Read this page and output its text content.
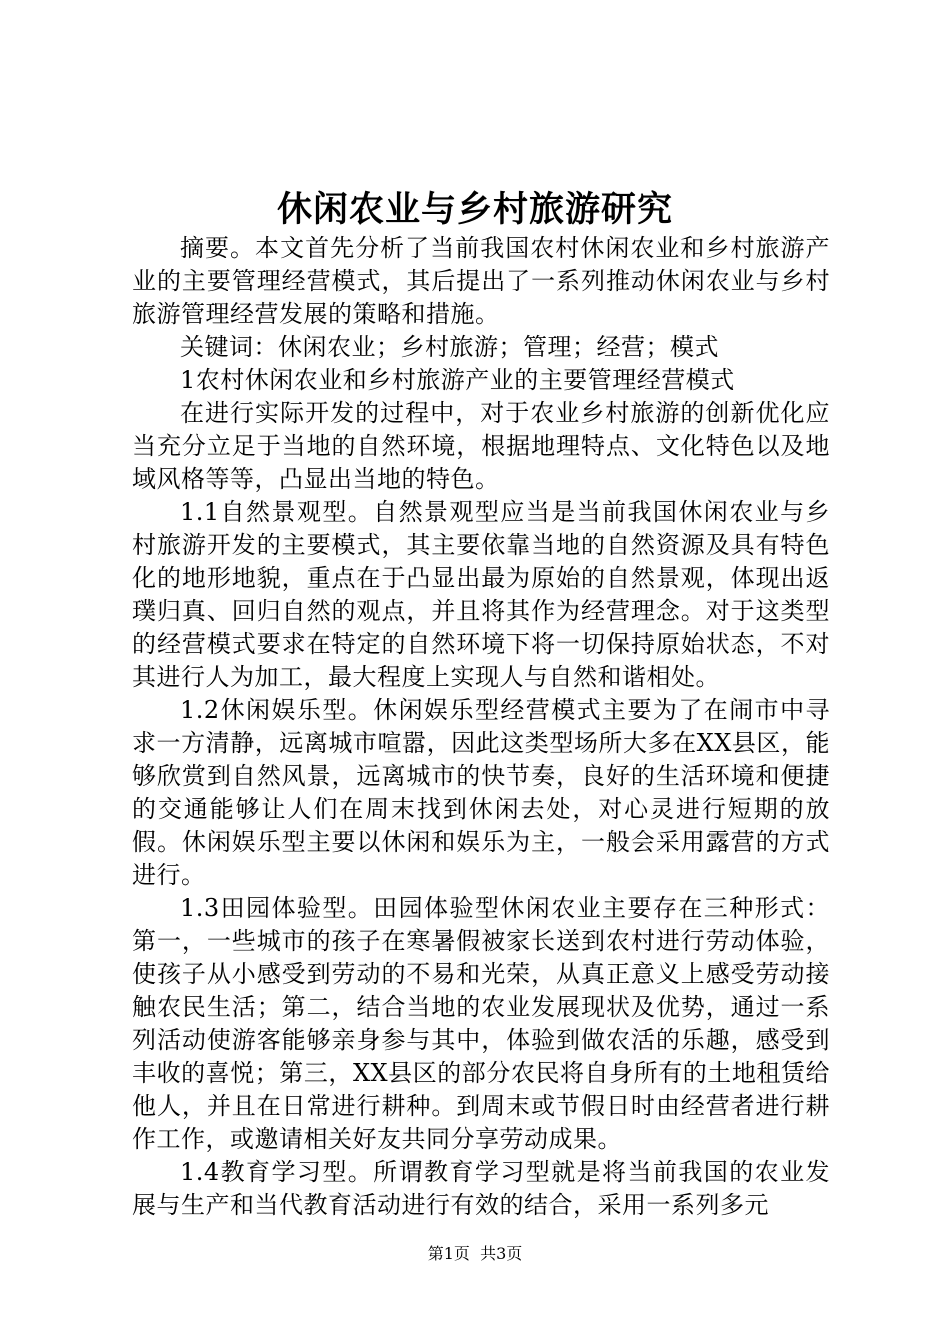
休闲农业与乡村旅游研究

摘要。本文首先分析了当前我国农村休闲农业和乡村旅游产业的主要管理经营模式，其后提出了一系列推动休闲农业与乡村旅游管理经营发展的策略和措施。

关键词：休闲农业；乡村旅游；管理；经营；模式

1农村休闲农业和乡村旅游产业的主要管理经营模式

在进行实际开发的过程中，对于农业乡村旅游的创新优化应当充分立足于当地的自然环境，根据地理特点、文化特色以及地域风格等等，凸显出当地的特色。

1.1自然景观型。自然景观型应当是当前我国休闲农业与乡村旅游开发的主要模式，其主要依靠当地的自然资源及具有特色化的地形地貌，重点在于凸显出最为原始的自然景观，体现出返璞归真、回归自然的观点，并且将其作为经营理念。对于这类型的经营模式要求在特定的自然环境下将一切保持原始状态，不对其进行人为加工，最大程度上实现人与自然和谐相处。

1.2休闲娱乐型。休闲娱乐型经营模式主要为了在闹市中寻求一方清静，远离城市喧嚣，因此这类型场所大多在XX县区，能够欣赏到自然风景，远离城市的快节奏，良好的生活环境和便捷的交通能够让人们在周末找到休闲去处，对心灵进行短期的放假。休闲娱乐型主要以休闲和娱乐为主，一般会采用露营的方式进行。

1.3田园体验型。田园体验型休闲农业主要存在三种形式：第一，一些城市的孩子在寒暑假被家长送到农村进行劳动体验，使孩子从小感受到劳动的不易和光荣，从真正意义上感受劳动接触农民生活；第二，结合当地的农业发展现状及优势，通过一系列活动使游客能够亲身参与其中，体验到做农活的乐趣，感受到丰收的喜悦；第三，XX县区的部分农民将自身所有的土地租赁给他人，并且在日常进行耕种。到周末或节假日时由经营者进行耕作工作，或邀请相关好友共同分享劳动成果。

1.4教育学习型。所谓教育学习型就是将当前我国的农业发展与生产和当代教育活动进行有效的结合，采用一系列多元

第1页 共3页
